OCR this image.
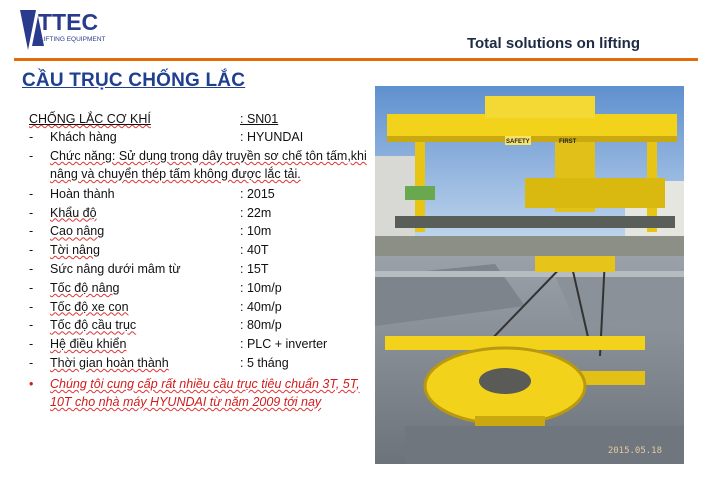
TTEC
LIFTING EQUIPMENT	Total solutions on lifting
CẦU TRỤC CHỐNG LẮC
CHỐNG LẮC CƠ KHÍ	: SN01
-	Khách hàng	: HYUNDAI
-	Chức năng: Sử dụng trong dây truyền sơ chế tôn tấm,khi nâng và chuyển thép tấm không được lắc tải.
-	Hoàn thành	: 2015
-	Khẩu độ	: 22m
-	Cao nâng	: 10m
-	Tời nâng	: 40T
-	Sức nâng dưới mâm từ	: 15T
-	Tốc độ nâng	: 10m/p
-	Tốc độ xe con	: 40m/p
-	Tốc độ cầu trục	: 80m/p
-	Hệ điều khiển	: PLC + inverter
-	Thời gian hoàn thành	: 5 tháng
•	Chúng tôi cung cấp rất nhiều cầu trục tiêu chuẩn 3T, 5T, 10T cho nhà máy HYUNDAI từ năm 2009 tới nay
SAFETY	FIRST
2015.05.18
